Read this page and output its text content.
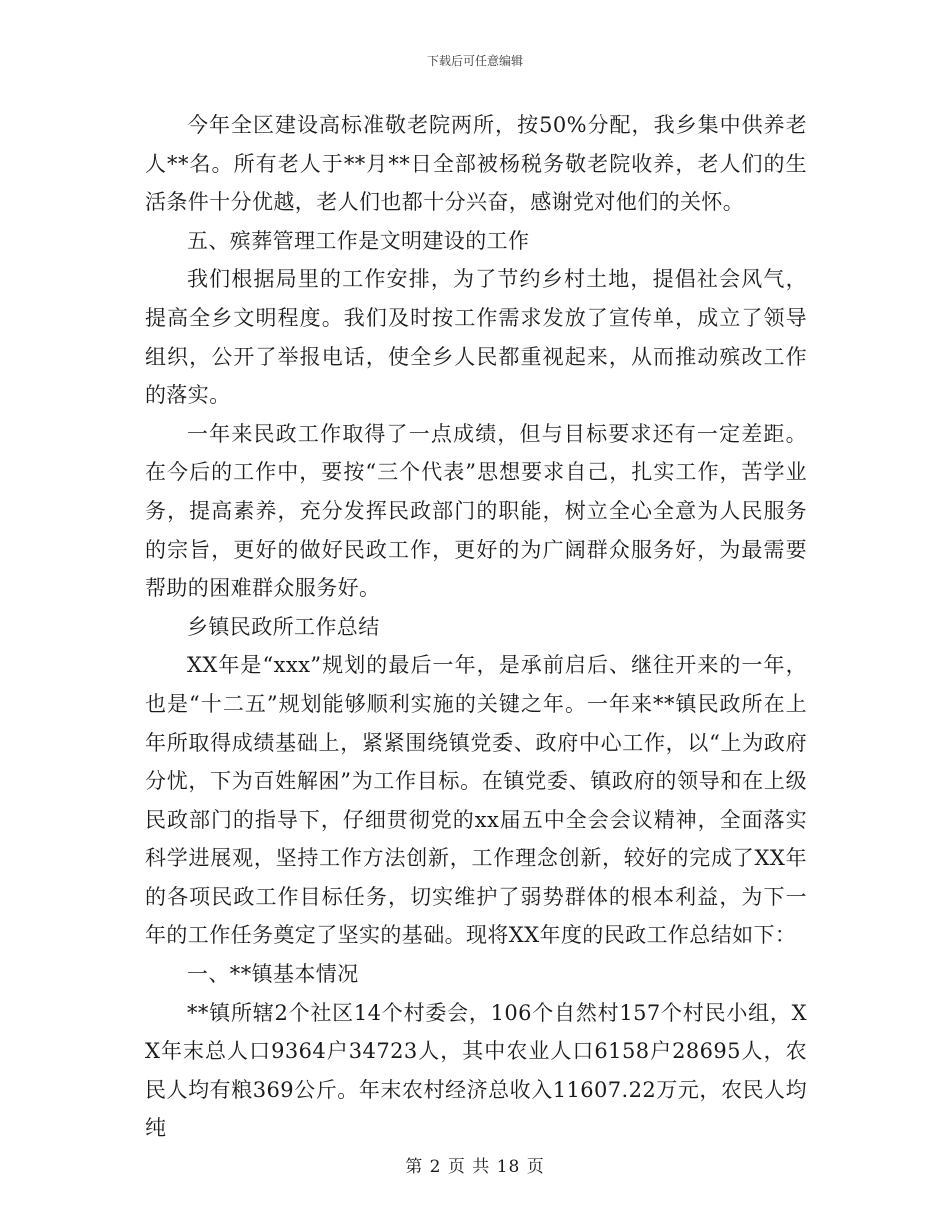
下载后可任意编辑

今年全区建设高标准敬老院两所，按50%分配，我乡集中供养老人**名。所有老人于**月**日全部被杨税务敬老院收养，老人们的生活条件十分优越，老人们也都十分兴奋，感谢党对他们的关怀。

五、殡葬管理工作是文明建设的工作

我们根据局里的工作安排，为了节约乡村土地，提倡社会风气，提高全乡文明程度。我们及时按工作需求发放了宣传单，成立了领导组织，公开了举报电话，使全乡人民都重视起来，从而推动殡改工作的落实。

一年来民政工作取得了一点成绩，但与目标要求还有一定差距。在今后的工作中，要按“三个代表”思想要求自己，扎实工作，苦学业务，提高素养，充分发挥民政部门的职能，树立全心全意为人民服务的宗旨，更好的做好民政工作，更好的为广阔群众服务好，为最需要帮助的困难群众服务好。

乡镇民政所工作总结

XX年是“xxx”规划的最后一年，是承前启后、继往开来的一年，也是“十二五”规划能够顺利实施的关键之年。一年来**镇民政所在上年所取得成绩基础上，紧紧围绕镇党委、政府中心工作，以“上为政府分忧，下为百姓解困”为工作目标。在镇党委、镇政府的领导和在上级民政部门的指导下，仔细贯彻党的xx届五中全会会议精神，全面落实科学进展观，坚持工作方法创新，工作理念创新，较好的完成了XX年的各项民政工作目标任务，切实维护了弱势群体的根本利益，为下一年的工作任务奠定了坚实的基础。现将XX年度的民政工作总结如下：

一、**镇基本情况

**镇所辖2个社区14个村委会，106个自然村157个村民小组，XX年末总人口9364户34723人，其中农业人口6158户28695人，农民人均有粮369公斤。年末农村经济总收入11607.22万元，农民人均纯

第 2 页 共 18 页
